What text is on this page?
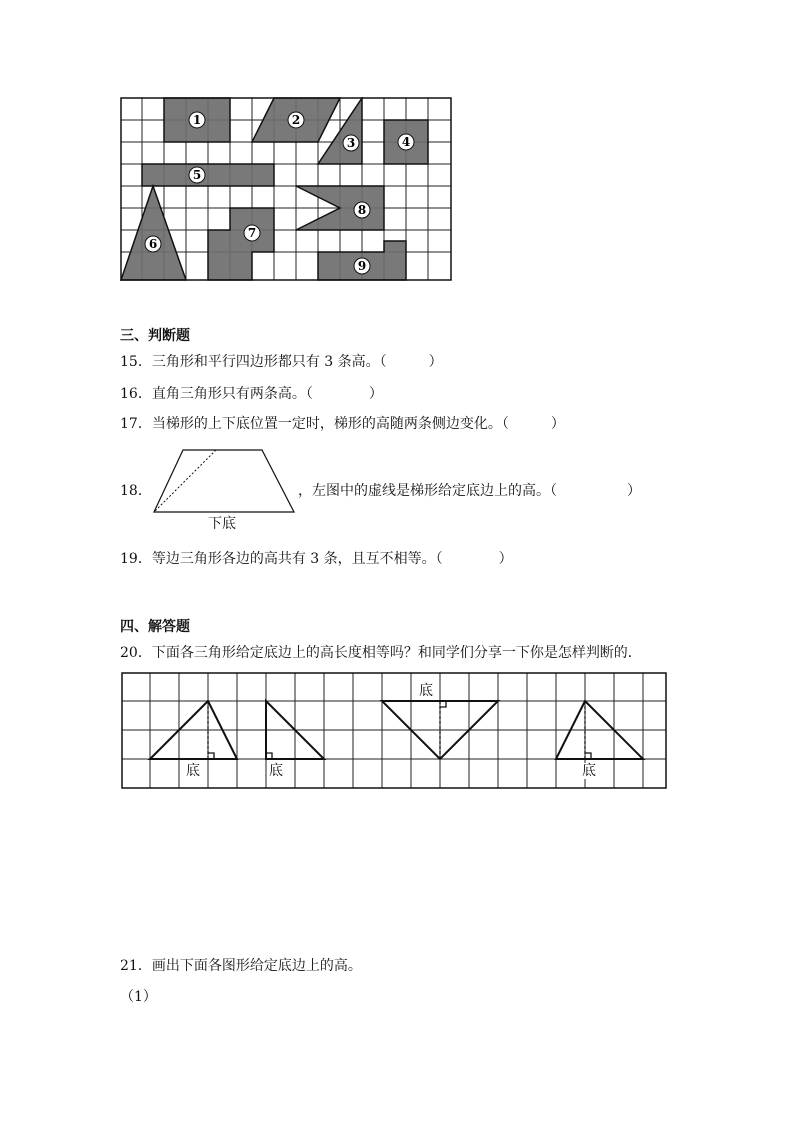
1	2
3	4
5
6
7
8
9
三、判断题
15．三角形和平行四边形都只有 3 条高。（　　　）
16．直角三角形只有两条高。（　　　　）
17．当梯形的上下底位置一定时，梯形的高随两条侧边变化。（　　　）
18．
下底
，左图中的虚线是梯形给定底边上的高。（　　　　　）
19．等边三角形各边的高共有 3 条，且互不相等。（　　　　）
四、解答题
20．下面各三角形给定底边上的高长度相等吗？和同学们分享一下你是怎样判断的．
底	底
底
底
21．画出下面各图形给定底边上的高。
（1）
